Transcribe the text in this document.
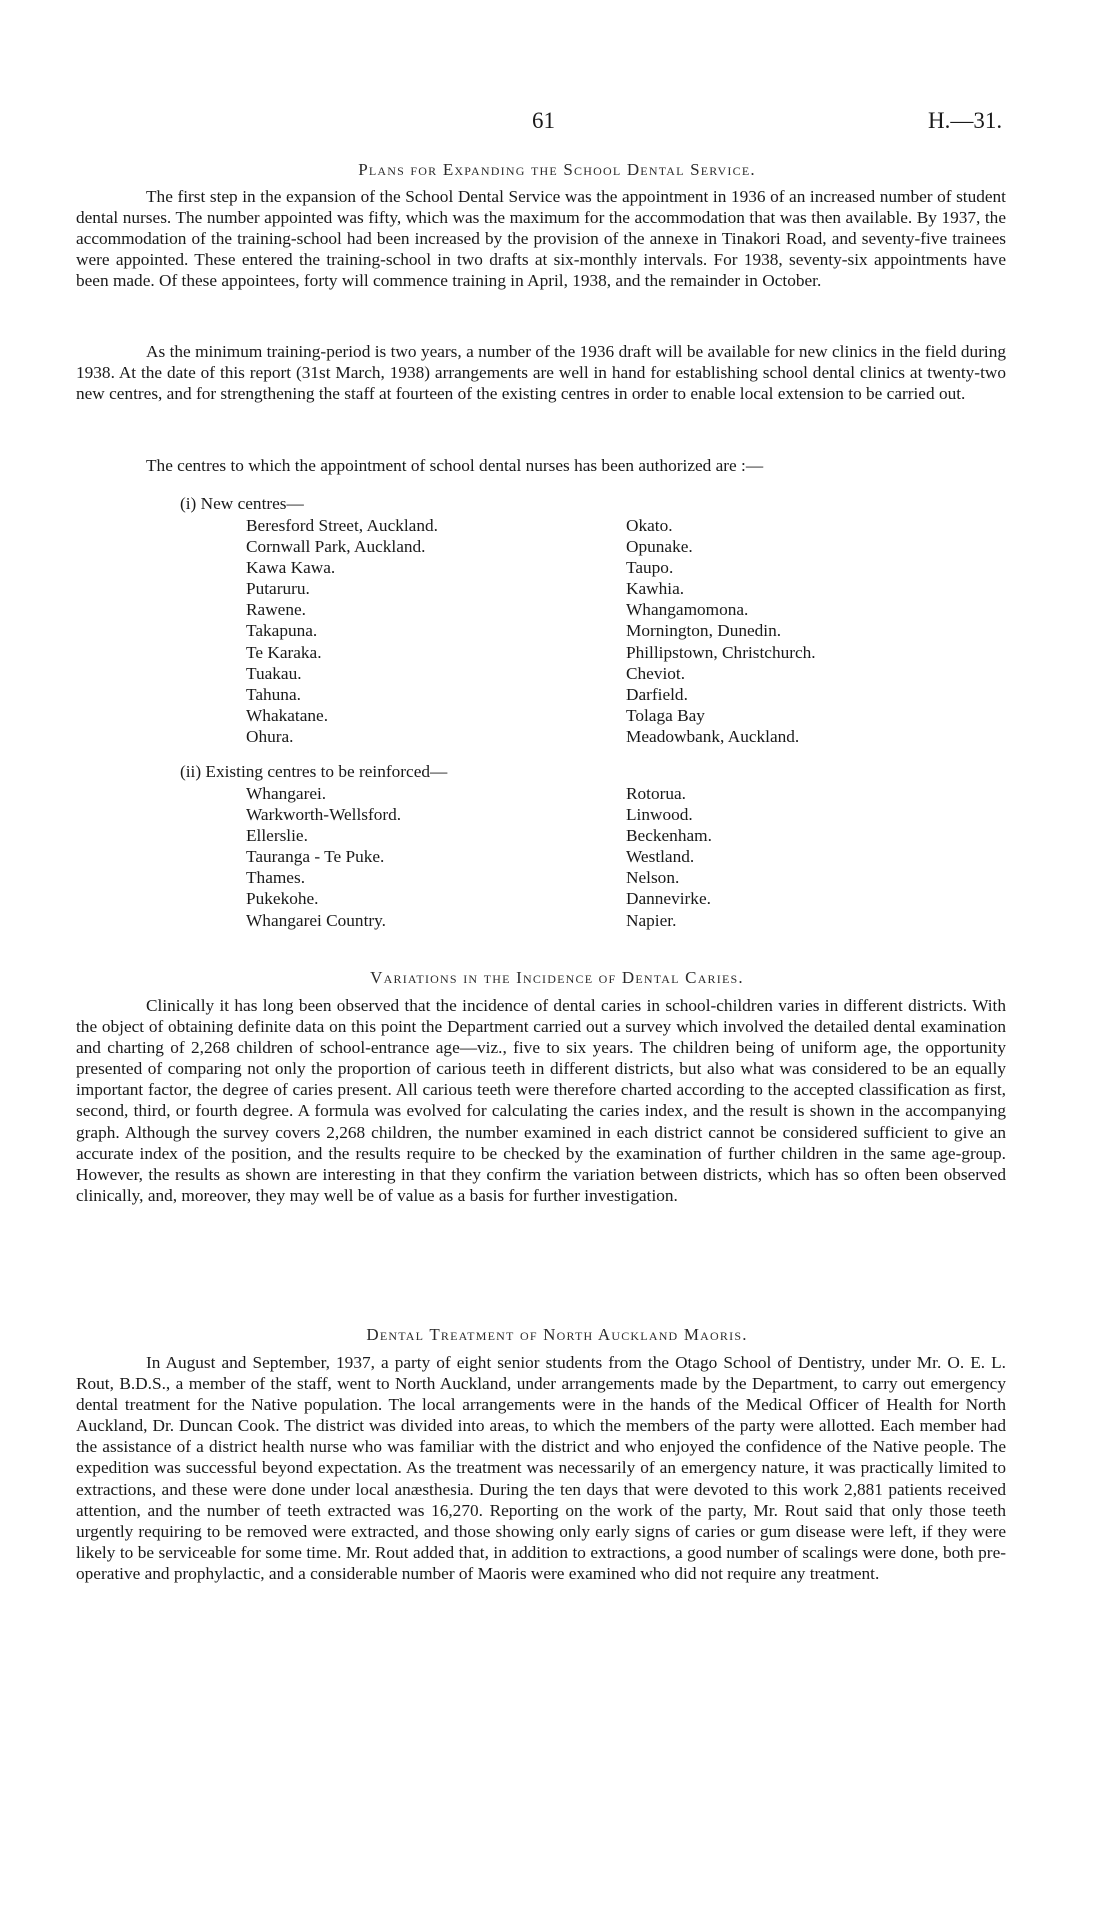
61	H.—31.
Plans for Expanding the School Dental Service.

The first step in the expansion of the School Dental Service was the appointment in 1936 of an increased number of student dental nurses. The number appointed was fifty, which was the maximum for the accommodation that was then available. By 1937, the accommodation of the training-school had been increased by the provision of the annexe in Tinakori Road, and seventy-five trainees were appointed. These entered the training-school in two drafts at six-monthly intervals. For 1938, seventy-six appointments have been made. Of these appointees, forty will commence training in April, 1938, and the remainder in October.

As the minimum training-period is two years, a number of the 1936 draft will be available for new clinics in the field during 1938. At the date of this report (31st March, 1938) arrangements are well in hand for establishing school dental clinics at twenty-two new centres, and for strengthening the staff at fourteen of the existing centres in order to enable local extension to be carried out.

The centres to which the appointment of school dental nurses has been authorized are :—

(i) New centres—
Beresford Street, Auckland.
Cornwall Park, Auckland.
Kawa Kawa.
Putaruru.
Rawene.
Takapuna.
Te Karaka.
Tuakau.
Tahuna.
Whakatane.
Ohura.
Okato.
Opunake.
Taupo.
Kawhia.
Whangamomona.
Mornington, Dunedin.
Phillipstown, Christchurch.
Cheviot.
Darfield.
Tolaga Bay
Meadowbank, Auckland.
(ii) Existing centres to be reinforced—
Whangarei.
Warkworth-Wellsford.
Ellerslie.
Tauranga - Te Puke.
Thames.
Pukekohe.
Whangarei Country.
Rotorua.
Linwood.
Beckenham.
Westland.
Nelson.
Dannevirke.
Napier.
Variations in the Incidence of Dental Caries.

Clinically it has long been observed that the incidence of dental caries in school-children varies in different districts. With the object of obtaining definite data on this point the Department carried out a survey which involved the detailed dental examination and charting of 2,268 children of school-entrance age—viz., five to six years. The children being of uniform age, the opportunity presented of comparing not only the proportion of carious teeth in different districts, but also what was considered to be an equally important factor, the degree of caries present. All carious teeth were therefore charted according to the accepted classification as first, second, third, or fourth degree. A formula was evolved for calculating the caries index, and the result is shown in the accompanying graph. Although the survey covers 2,268 children, the number examined in each district cannot be considered sufficient to give an accurate index of the position, and the results require to be checked by the examination of further children in the same age-group. However, the results as shown are interesting in that they confirm the variation between districts, which has so often been observed clinically, and, moreover, they may well be of value as a basis for further investigation.

Dental Treatment of North Auckland Maoris.

In August and September, 1937, a party of eight senior students from the Otago School of Dentistry, under Mr. O. E. L. Rout, B.D.S., a member of the staff, went to North Auckland, under arrangements made by the Department, to carry out emergency dental treatment for the Native population. The local arrangements were in the hands of the Medical Officer of Health for North Auckland, Dr. Duncan Cook. The district was divided into areas, to which the members of the party were allotted. Each member had the assistance of a district health nurse who was familiar with the district and who enjoyed the confidence of the Native people. The expedition was successful beyond expectation. As the treatment was necessarily of an emergency nature, it was practically limited to extractions, and these were done under local anæsthesia. During the ten days that were devoted to this work 2,881 patients received attention, and the number of teeth extracted was 16,270. Reporting on the work of the party, Mr. Rout said that only those teeth urgently requiring to be removed were extracted, and those showing only early signs of caries or gum disease were left, if they were likely to be serviceable for some time. Mr. Rout added that, in addition to extractions, a good number of scalings were done, both pre-operative and prophylactic, and a considerable number of Maoris were examined who did not require any treatment.
